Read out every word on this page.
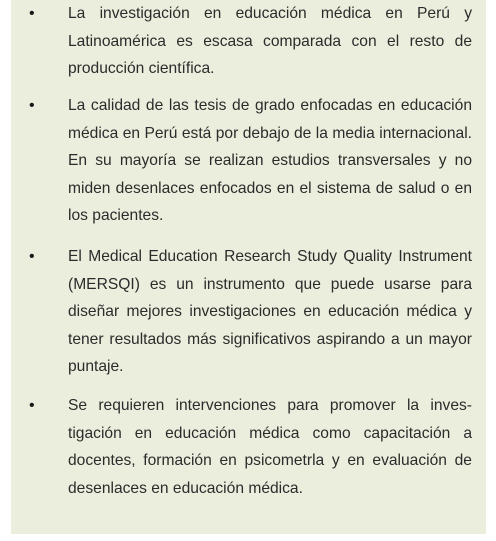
• La investigación en educación médica en Perú y Latinoamérica es escasa comparada con el resto de producción científica.
• La calidad de las tesis de grado enfocadas en educación médica en Perú está por debajo de la media internacional. En su mayoría se realizan estudios transversales y no miden desenlaces enfocados en el sistema de salud o en los pacientes.
• El Medical Education Research Study Quality Instrument (MERSQI) es un instrumento que puede usarse para diseñar mejores investigaciones en educación médica y tener resultados más significativos aspirando a un mayor puntaje.
• Se requieren intervenciones para promover la investigación en educación médica como capacitación a docentes, formación en psicometrla y en evaluación de desenlaces en educación médica.
